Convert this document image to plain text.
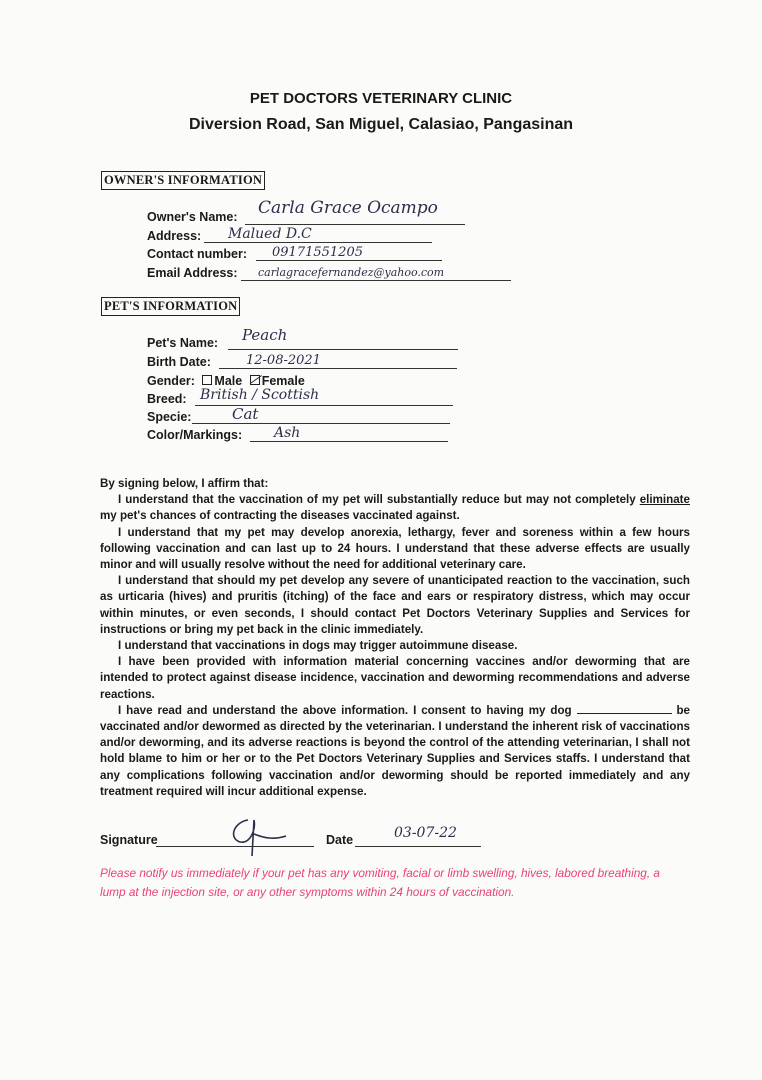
PET DOCTORS VETERINARY CLINIC
Diversion Road, San Miguel, Calasiao, Pangasinan
OWNER'S INFORMATION
Owner's Name: Carla Grace Ocampo
Address: Malued D.C
Contact number: 09171551205
Email Address: carlagracefernandez@yahoo.com
PET'S INFORMATION
Pet's Name: Peach
Birth Date:	12-08-2021
Gender: Male Female
Breed: British / Scottish
Specie:	Cat
Color/Markings: Ash

By signing below, I affirm that:

I understand that the vaccination of my pet will substantially reduce but may not completely eliminate my pet's chances of contracting the diseases vaccinated against.

I understand that my pet may develop anorexia, lethargy, fever and soreness within a few hours following vaccination and can last up to 24 hours. I understand that these adverse effects are usually minor and will usually resolve without the need for additional veterinary care.

I understand that should my pet develop any severe of unanticipated reaction to the vaccination, such as urticaria (hives) and pruritis (itching) of the face and ears or respiratory distress, which may occur within minutes, or even seconds, I should contact Pet Doctors Veterinary Supplies and Services for instructions or bring my pet back in the clinic immediately.

I understand that vaccinations in dogs may trigger autoimmune disease.

I have been provided with information material concerning vaccines and/or deworming that are intended to protect against disease incidence, vaccination and deworming recommendations and adverse reactions.

I have read and understand the above information. I consent to having my dog	be vaccinated and/or dewormed as directed by the veterinarian. I understand the inherent risk of vaccinations and/or deworming, and its adverse reactions is beyond the control of the attending veterinarian, I shall not hold blame to him or her or to the Pet Doctors Veterinary Supplies and Services staffs. I understand that any complications following vaccination and/or deworming should be reported immediately and any treatment required will incur additional expense.

Signature	Date	03-07-22
Please notify us immediately if your pet has any vomiting, facial or limb swelling, hives, labored breathing, a lump at the injection site, or any other symptoms within 24 hours of vaccination.
